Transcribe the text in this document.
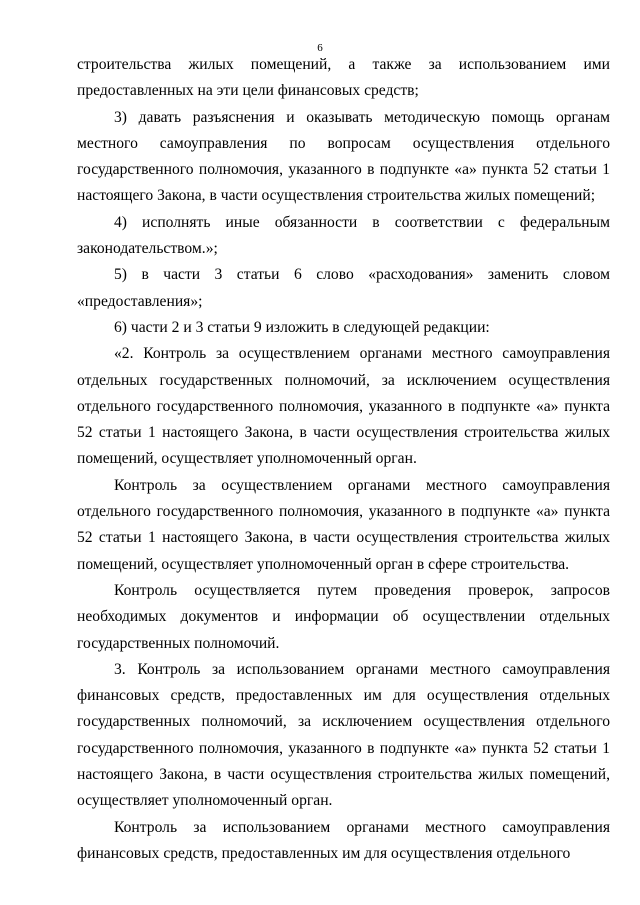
6

строительства жилых помещений, а также за использованием ими предоставленных на эти цели финансовых средств;

3) давать разъяснения и оказывать методическую помощь органам местного самоуправления по вопросам осуществления отдельного государственного полномочия, указанного в подпункте «а» пункта 52 статьи 1 настоящего Закона, в части осуществления строительства жилых помещений;

4) исполнять иные обязанности в соответствии с федеральным законодательством.»;

5) в части 3 статьи 6 слово «расходования» заменить словом «предоставления»;

6) части 2 и 3 статьи 9 изложить в следующей редакции:

«2. Контроль за осуществлением органами местного самоуправления отдельных государственных полномочий, за исключением осуществления отдельного государственного полномочия, указанного в подпункте «а» пункта 52 статьи 1 настоящего Закона, в части осуществления строительства жилых помещений, осуществляет уполномоченный орган.

Контроль за осуществлением органами местного самоуправления отдельного государственного полномочия, указанного в подпункте «а» пункта 52 статьи 1 настоящего Закона, в части осуществления строительства жилых помещений, осуществляет уполномоченный орган в сфере строительства.

Контроль осуществляется путем проведения проверок, запросов необходимых документов и информации об осуществлении отдельных государственных полномочий.

3. Контроль за использованием органами местного самоуправления финансовых средств, предоставленных им для осуществления отдельных государственных полномочий, за исключением осуществления отдельного государственного полномочия, указанного в подпункте «а» пункта 52 статьи 1 настоящего Закона, в части осуществления строительства жилых помещений, осуществляет уполномоченный орган.

Контроль за использованием органами местного самоуправления финансовых средств, предоставленных им для осуществления отдельного
